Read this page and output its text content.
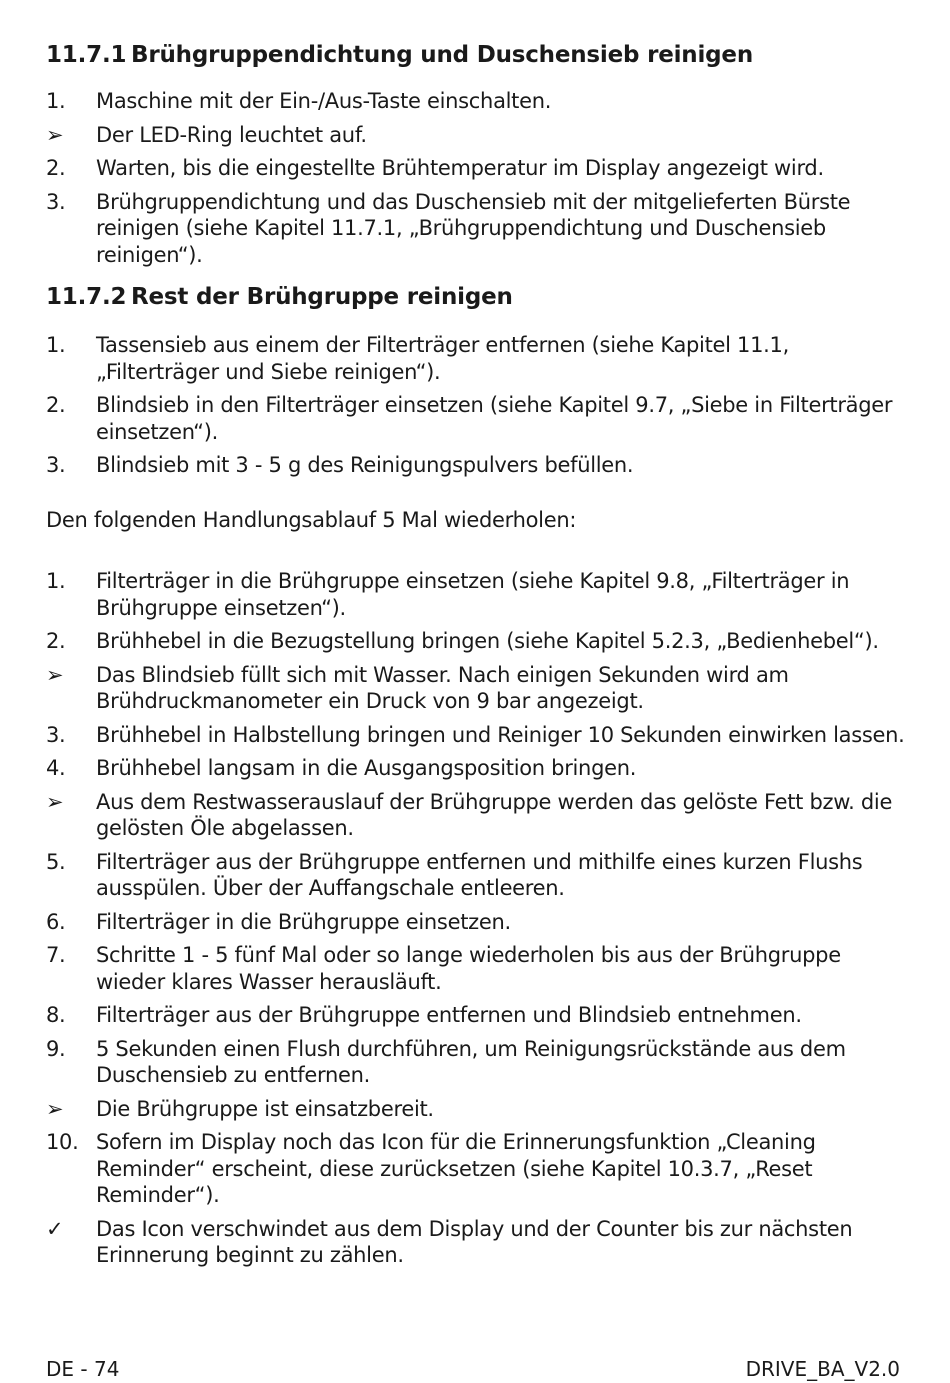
11.7.1 Brühgruppendichtung und Duschensieb reinigen
1.	Maschine mit der Ein-/Aus-Taste einschalten.
➢	Der LED-Ring leuchtet auf.
2.	Warten, bis die eingestellte Brühtemperatur im Display angezeigt wird.
3.	Brühgruppendichtung und das Duschensieb mit der mitgelieferten Bürste reinigen (siehe Kapitel 11.7.1, „Brühgruppendichtung und Duschensieb reinigen“).
11.7.2 Rest der Brühgruppe reinigen
1.	Tassensieb aus einem der Filterträger entfernen (siehe Kapitel 11.1, „Filterträger und Siebe reinigen“).
2.	Blindsieb in den Filterträger einsetzen (siehe Kapitel 9.7, „Siebe in Filterträger einsetzen“).
3.	Blindsieb mit 3 - 5 g des Reinigungspulvers befüllen.

Den folgenden Handlungsablauf 5 Mal wiederholen:

1.	Filterträger in die Brühgruppe einsetzen (siehe Kapitel 9.8, „Filterträger in Brühgruppe einsetzen“).
2.	Brühhebel in die Bezugstellung bringen (siehe Kapitel 5.2.3, „Bedienhebel“).
➢	Das Blindsieb füllt sich mit Wasser. Nach einigen Sekunden wird am Brühdruckmanometer ein Druck von 9 bar angezeigt.
3.	Brühhebel in Halbstellung bringen und Reiniger 10 Sekunden einwirken lassen.
4.	Brühhebel langsam in die Ausgangsposition bringen.
➢	Aus dem Restwasserauslauf der Brühgruppe werden das gelöste Fett bzw. die gelösten Öle abgelassen.
5.	Filterträger aus der Brühgruppe entfernen und mithilfe eines kurzen Flushs ausspülen. Über der Auffangschale entleeren.
6.	Filterträger in die Brühgruppe einsetzen.
7.	Schritte 1 - 5 fünf Mal oder so lange wiederholen bis aus der Brühgruppe wieder klares Wasser herausläuft.
8.	Filterträger aus der Brühgruppe entfernen und Blindsieb entnehmen.
9.	5 Sekunden einen Flush durchführen, um Reinigungsrückstände aus dem Duschensieb zu entfernen.
➢	Die Brühgruppe ist einsatzbereit.
10. Sofern im Display noch das Icon für die Erinnerungsfunktion „Cleaning Reminder“ erscheint, diese zurücksetzen (siehe Kapitel 10.3.7, „Reset Reminder“).
✓	Das Icon verschwindet aus dem Display und der Counter bis zur nächsten Erinnerung beginnt zu zählen.
DE - 74	DRIVE_BA_V2.0
